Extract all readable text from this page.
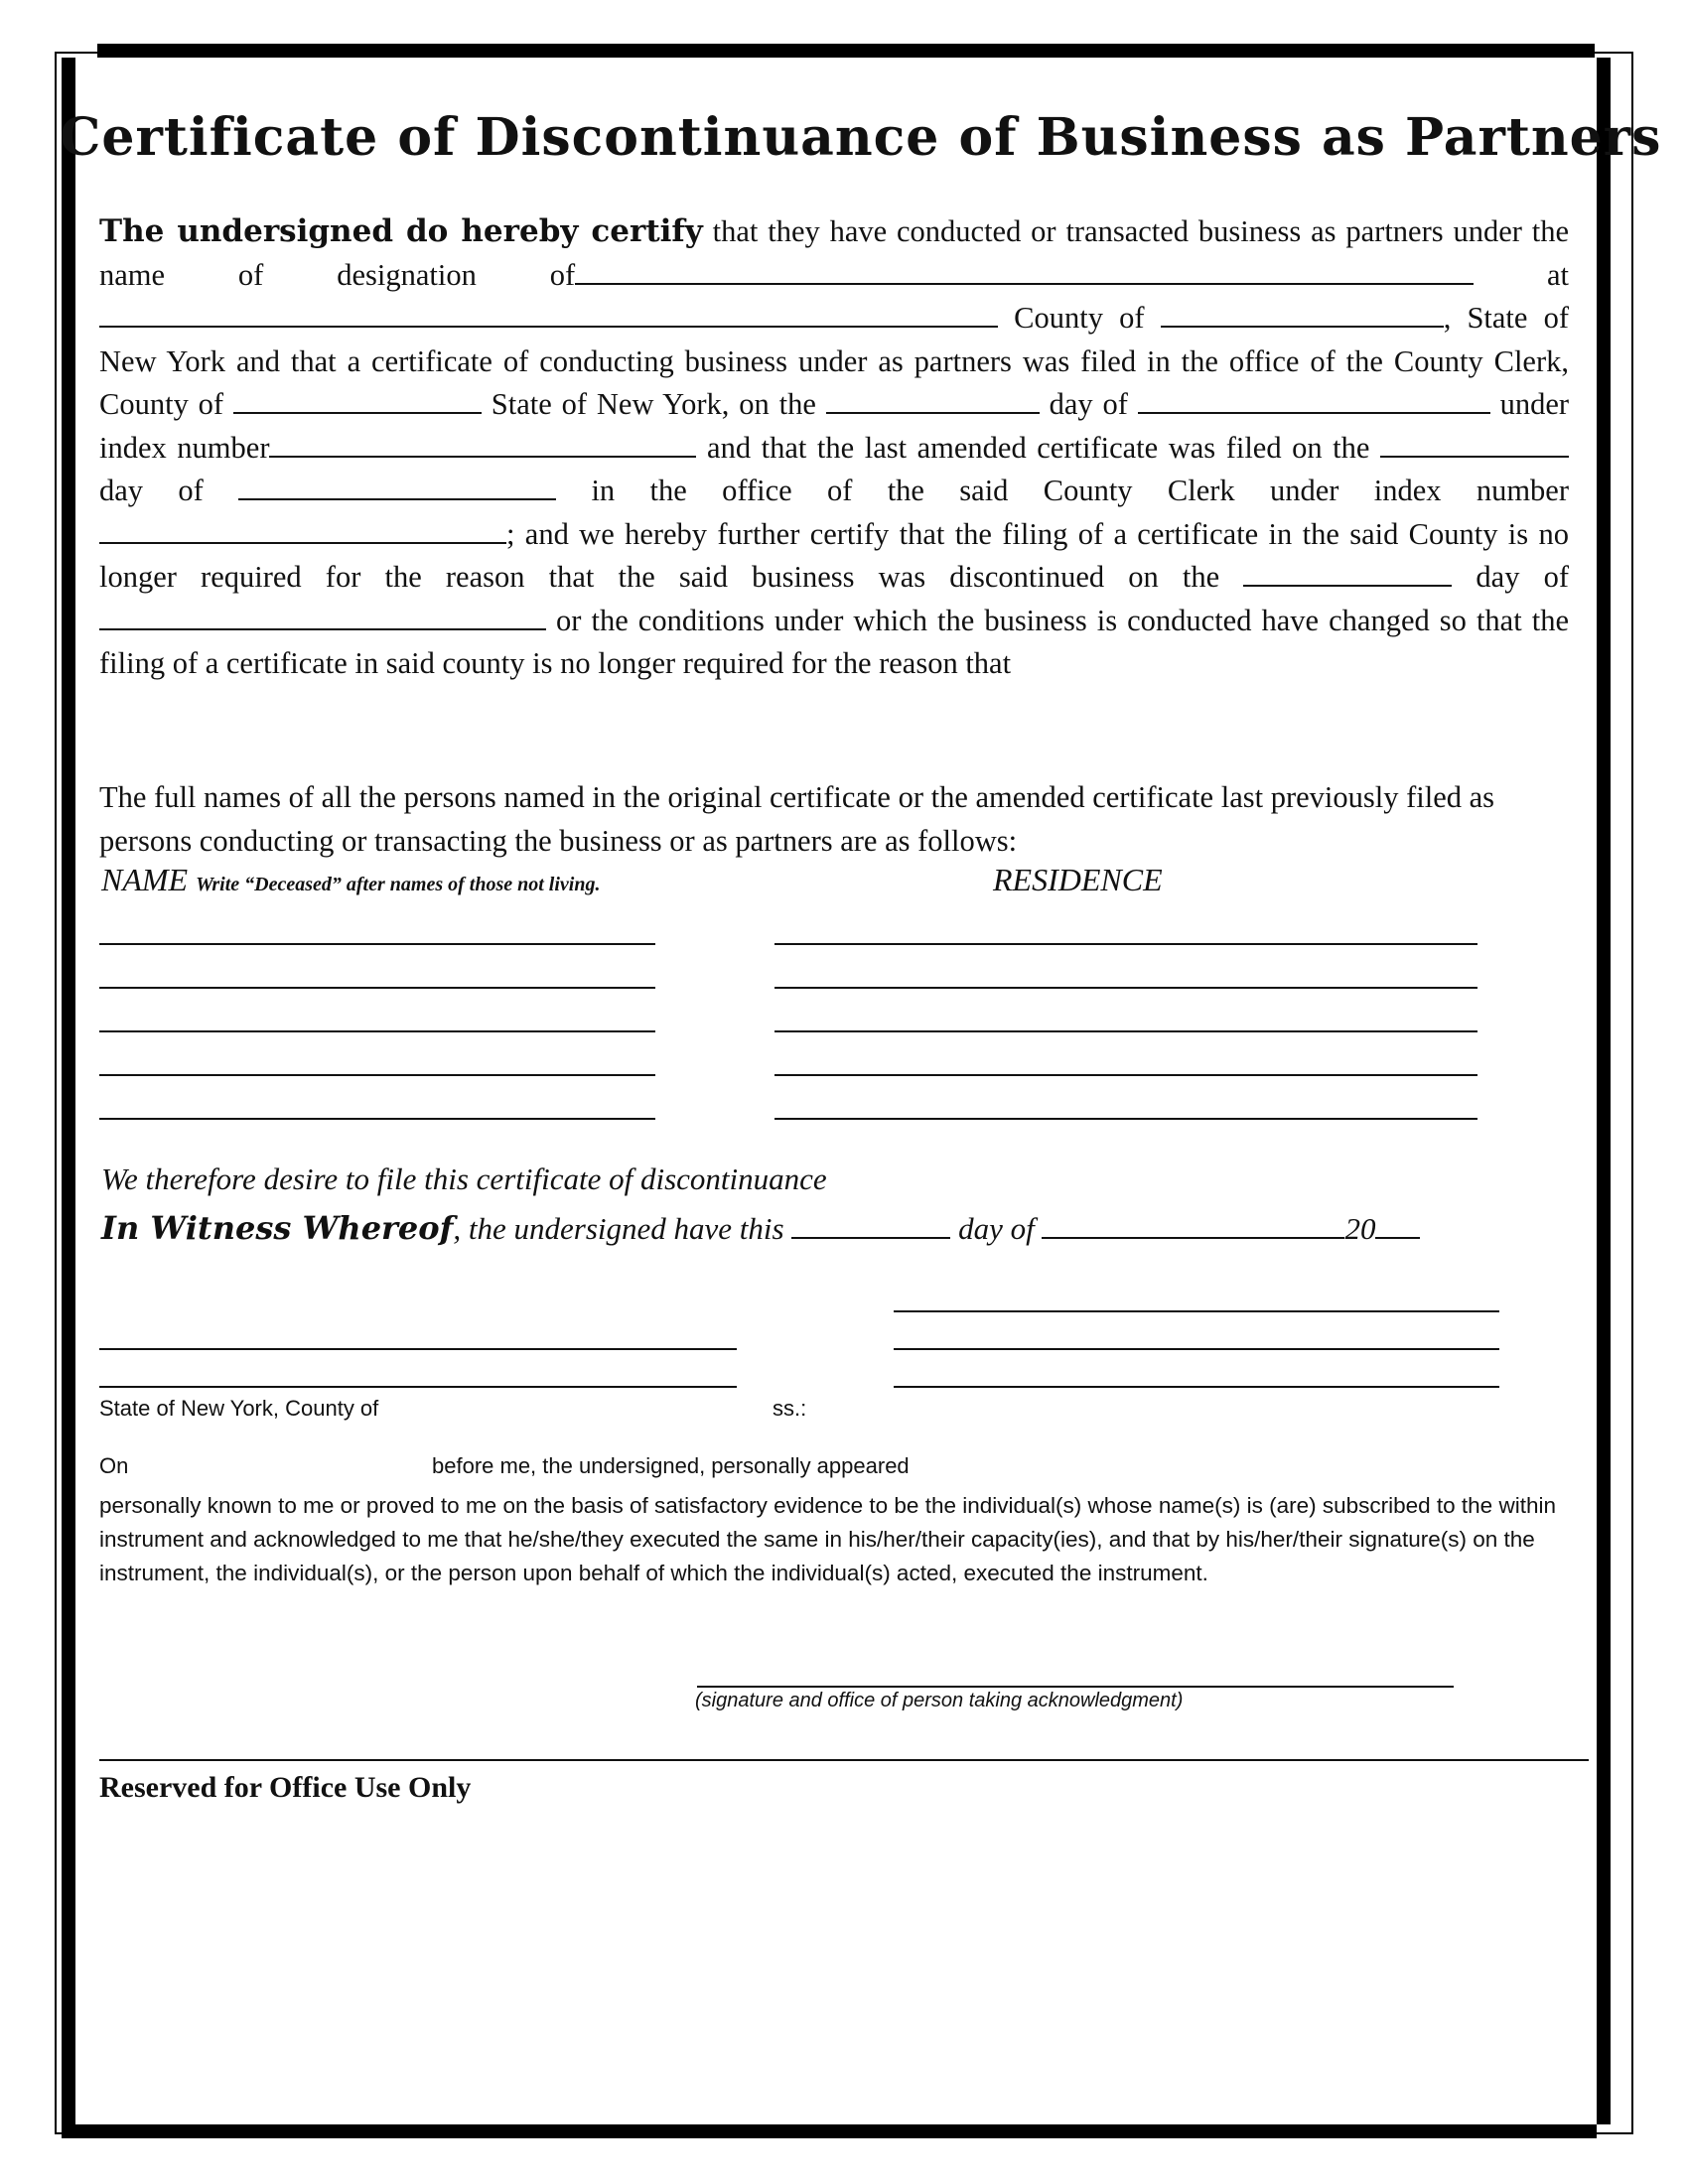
Certificate of Discontinuance of Business as Partners
The undersigned do hereby certify that they have conducted or transacted business as partners under the name of designation of	at  County of	, State of New York and that a certificate of conducting business under as partners was filed in the office of the County Clerk, County of	State of New York, on the	day of	under index number	and that the last amended certificate was filed on the  day of	in the office of the said County Clerk under index number ; and we hereby further certify that the filing of a certificate in the said County is no longer required for the reason that the said business was discontinued on the	day of  or the conditions under which the business is conducted have changed so that the filing of a certificate in said county is no longer required for the reason that
The full names of all the persons named in the original certificate or the amended certificate last previously filed as persons conducting or transacting the business or as partners are as follows:
NAME Write “Deceased” after names of those not living.	RESIDENCE
We therefore desire to file this certificate of discontinuance
In Witness Whereof, the undersigned have this	day of	20
State of New York, County of	ss.:
On	before me, the undersigned, personally appeared
personally known to me or proved to me on the basis of satisfactory evidence to be the individual(s) whose name(s) is (are) subscribed to the within instrument and acknowledged to me that he/she/they executed the same in his/her/their capacity(ies), and that by his/her/their signature(s) on the instrument, the individual(s), or the person upon behalf of which the individual(s) acted, executed the instrument.
(signature and office of person taking acknowledgment)
Reserved for Office Use Only
